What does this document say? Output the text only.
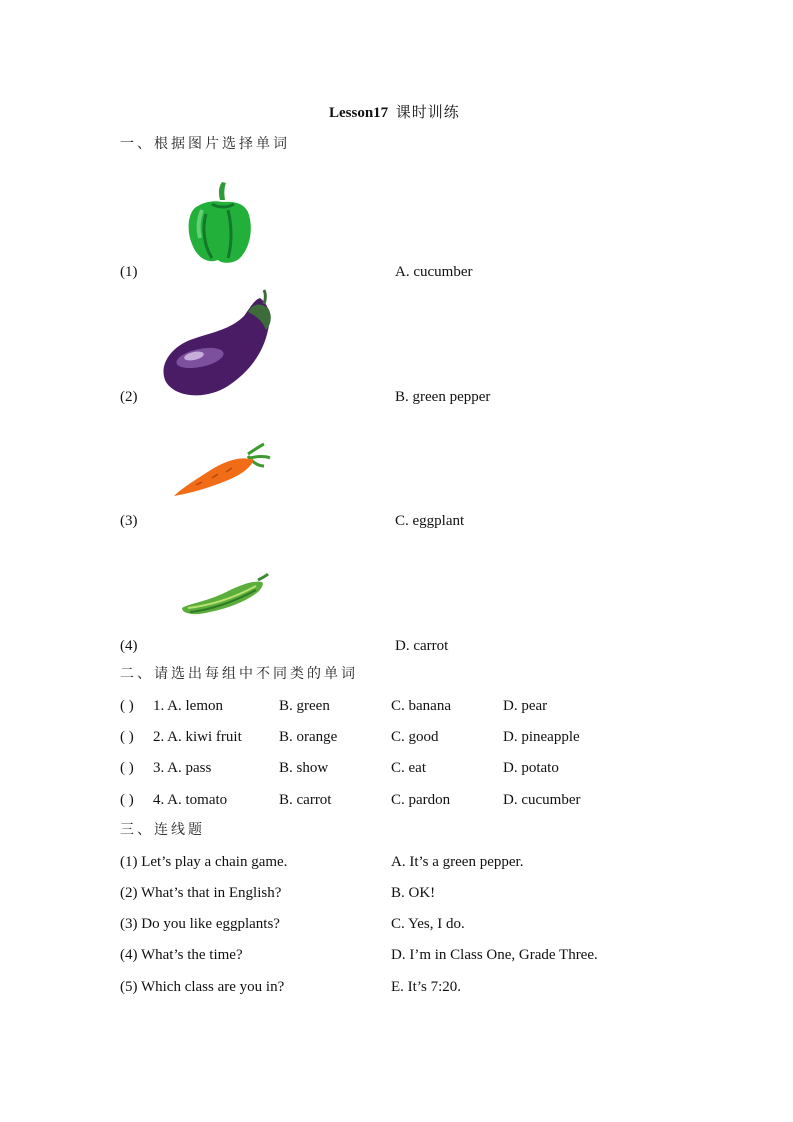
Lesson17 课时训练
一、根据图片选择单词
(1)	A. cucumber
(2)	B. green pepper
(3)	C. eggplant
(4)	D. carrot
二、请选出每组中不同类的单词
( ) 1. A. lemon	B. green	C. banana	D. pear
( ) 2. A. kiwi fruit B. orange	C. good	D. pineapple
( ) 3. A. pass	B. show	C. eat	D. potato
( ) 4. A. tomato	B. carrot	C. pardon	D. cucumber
三、连线题
(1) Let’s play a chain game.	A. It’s a green pepper.
(2) What’s that in English?	B. OK!
(3) Do you like eggplants?	C. Yes, I do.
(4) What’s the time?	D. I’m in Class One, Grade Three.
(5) Which class are you in?	E. It’s 7:20.
